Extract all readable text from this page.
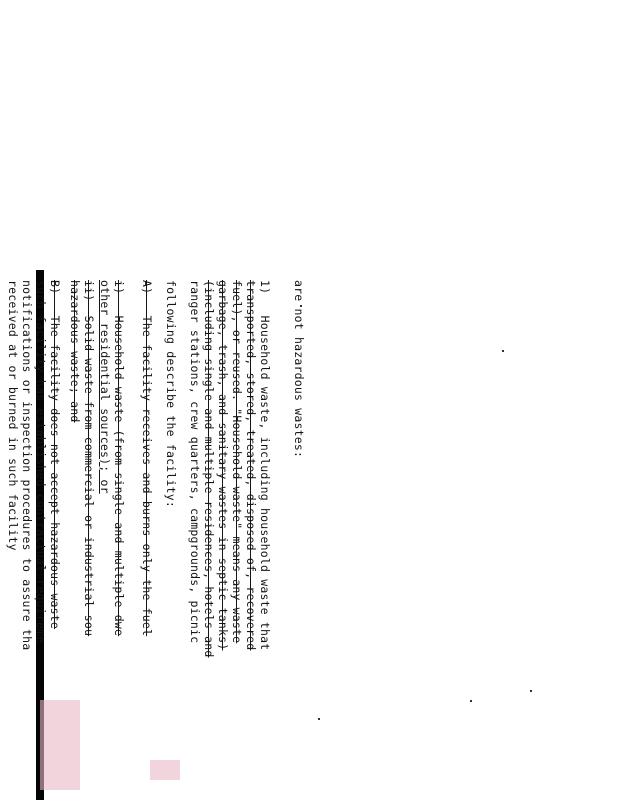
are not hazardous wastes:
1)   Household waste, including household waste that
transported, stored, treated, disposed of, recovered
fuel), or reused. "Household waste" means any waste
garbage, trash, and sanitary wastes in septic tanks)
(including single and multiple residences, hotels and
ranger stations, crew quarters, campgrounds, picnic
following describe the facility:
A)   The facility receives and burns only the fuel
i)   Household waste (from single and multiple dwe
other residential sources); or
ii)  Solid waste from commercial or industrial sou
hazardous waste; and
B)   The facility does not accept hazardous waste
such facility has established contractual requireme
notifications or inspection procedures to assure tha
received at or burned in such facility
